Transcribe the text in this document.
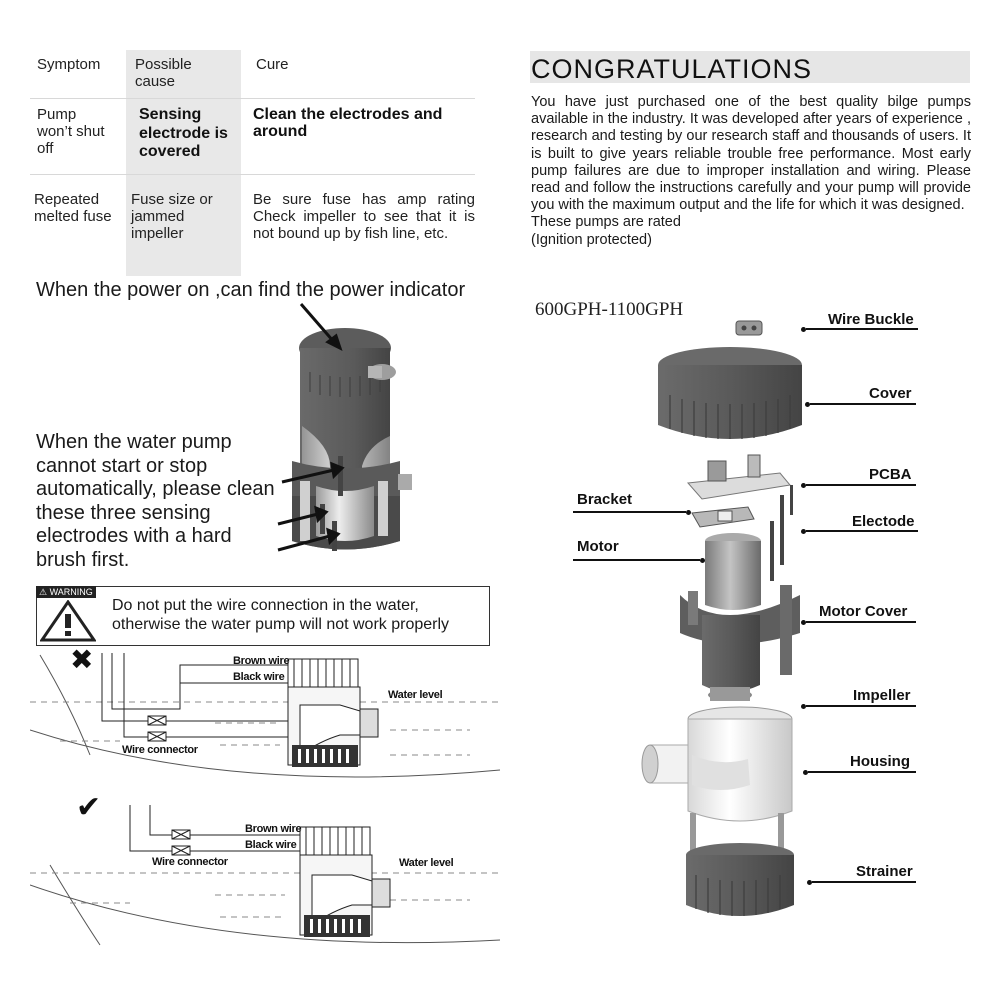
Symptom Possible cause
Cure
Pump won’t shut off
Sensing electrode is covered
Clean the electrodes and around
Repeated melted fuse
Fuse size or jammed impeller
Be sure fuse has amp rating Check impeller to see that it is not bound up by fish line, etc.
When the power on ,can find the power indicator
When the water pump cannot start or stop automatically, please clean these three sensing electrodes with a hard brush first.
⚠ WARNING
Do not put the wire connection in the water, otherwise the water pump will not work properly
✖	Brown wire
Black wire
Water level
Wire connector
✔
Brown wire
Black wire
Water level
Wire connector
CONGRATULATIONS

You have just purchased one of the best quality bilge pumps available in the industry. It was developed after years of experience , research and testing by our research staff and thousands of users. It is built to give years reliable trouble free performance. Most early pump failures are due to improper installation and wiring. Please read and follow the instructions carefully and your pump will provide you with the maximum output and the life for which it was designed.

These pumps are rated

(Ignition protected)

600GPH-1100GPH	Wire Buckle
Cover
PCBA
Bracket
Electode
Motor
Motor Cover
Impeller
Housing
Strainer
